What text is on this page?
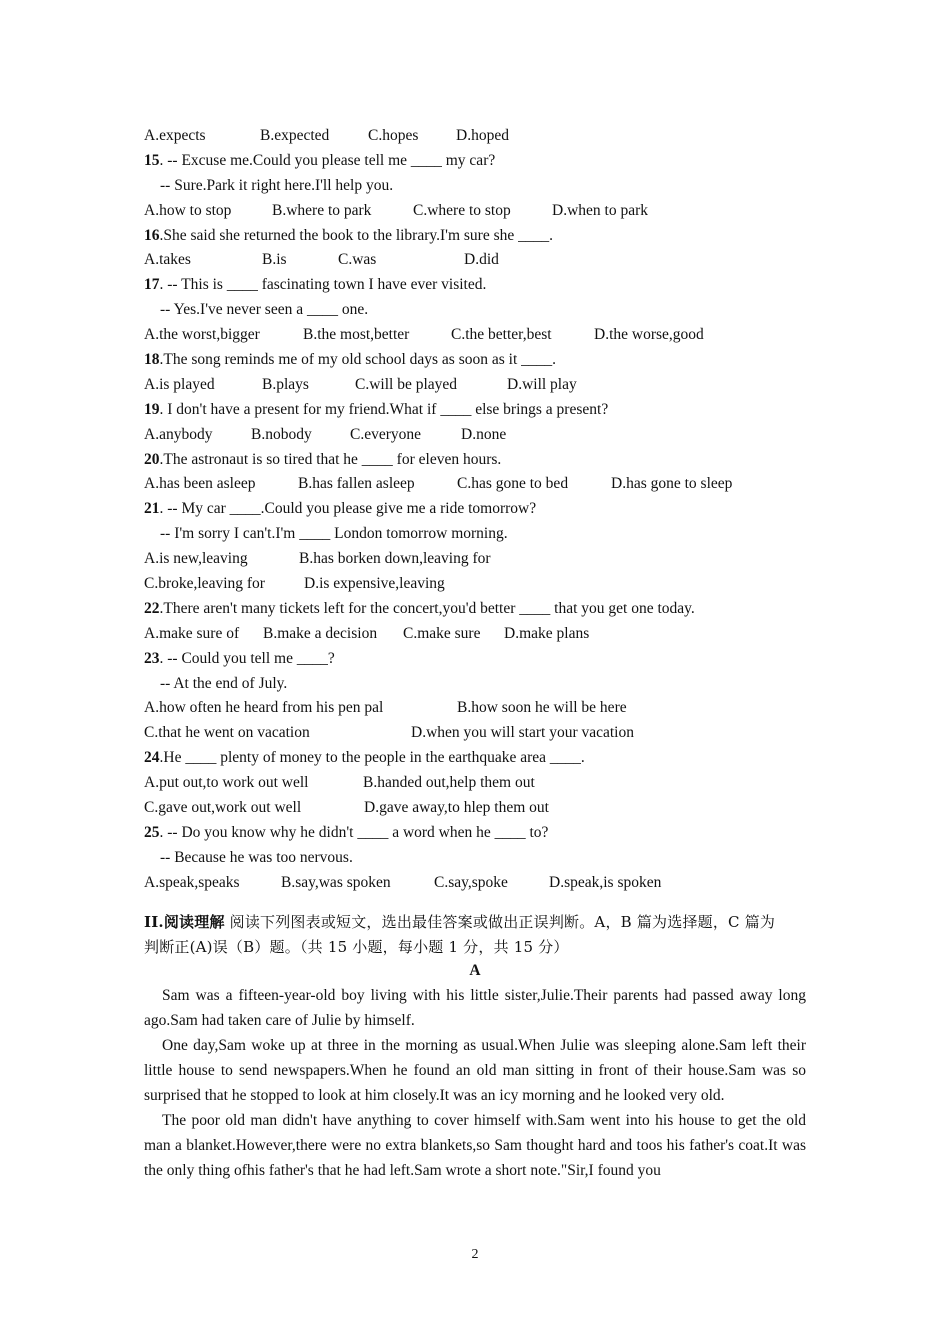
A.expects	B.expected	C.hopes	D.hoped
15. -- Excuse me.Could you please tell me ____ my car?
-- Sure.Park it right here.I'll help you.
A.how to stop	B.where to park	C.where to stop	D.when to park
16.She said she returned the book to the library.I'm sure she ____.
A.takes	B.is	C.was	D.did
17. -- This is ____ fascinating town I have ever visited.
-- Yes.I've never seen a ____ one.
A.the worst,bigger	B.the most,better	C.the better,best	D.the worse,good
18.The song reminds me of my old school days as soon as it ____.
A.is played	B.plays	C.will be played	D.will play
19. I don't have a present for my friend.What if ____ else brings a present?
A.anybody	B.nobody	C.everyone	D.none
20.The astronaut is so tired that he ____ for eleven hours.
A.has been asleep	B.has fallen asleep	C.has gone to bed	D.has gone to sleep
21. -- My car ____.Could you please give me a ride tomorrow?
-- I'm sorry I can't.I'm ____ London tomorrow morning.
A.is new,leaving	B.has borken down,leaving for
C.broke,leaving for	D.is expensive,leaving
22.There aren't many tickets left for the concert,you'd better ____ that you get one today.
A.make sure of	B.make a decision	C.make sure	D.make plans
23. -- Could you tell me ____?
-- At the end of July.
A.how often he heard from his pen pal	B.how soon he will be here
C.that he went on vacation	D.when you will start your vacation
24.He ____ plenty of money to the people in the earthquake area ____.
A.put out,to work out well	B.handed out,help them out
C.gave out,work out well	D.gave away,to hlep them out
25. -- Do you know why he didn't ____ a word when he ____ to?
-- Because he was too nervous.
A.speak,speaks	B.say,was spoken	C.say,spoke	D.speak,is spoken
II.阅读理解 阅读下列图表或短文，选出最佳答案或做出正误判断。A，B 篇为选择题，C 篇为
判断正(A)误（B）题。（共 15 小题，每小题 1 分，共 15 分）
A
Sam was a fifteen-year-old boy living with his little sister,Julie.Their parents had passed away long ago.Sam had taken care of Julie by himself.
One day,Sam woke up at three in the morning as usual.When Julie was sleeping alone.Sam left their little house to send newspapers.When he found an old man sitting in front of their house.Sam was so surprised that he stopped to look at him closely.It was an icy morning and he looked very old.
The poor old man didn't have anything to cover himself with.Sam went into his house to get the old man a blanket.However,there were no extra blankets,so Sam thought hard and toos his father's coat.It was the only thing ofhis father's that he had left.Sam wrote a short note."Sir,I found you
2
